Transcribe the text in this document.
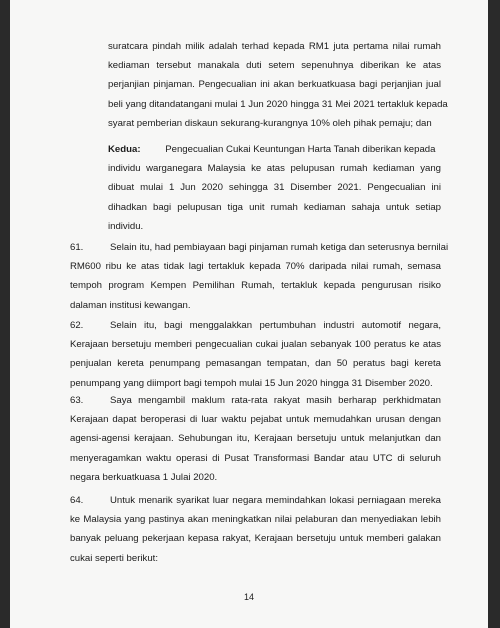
suratcara pindah milik adalah terhad kepada RM1 juta pertama nilai rumah
kediaman tersebut manakala duti setem sepenuhnya diberikan ke atas
perjanjian pinjaman. Pengecualian ini akan berkuatkuasa bagi perjanjian jual
beli yang ditandatangani mulai 1 Jun 2020 hingga 31 Mei 2021 tertakluk kepada
syarat pemberian diskaun sekurang-kurangnya 10% oleh pihak pemaju; dan
Kedua:	Pengecualian Cukai Keuntungan Harta Tanah diberikan kepada
individu warganegara Malaysia ke atas pelupusan rumah kediaman yang
dibuat mulai 1 Jun 2020 sehingga 31 Disember 2021. Pengecualian ini
dihadkan bagi pelupusan tiga unit rumah kediaman sahaja untuk setiap
individu.
61.	Selain itu, had pembiayaan bagi pinjaman rumah ketiga dan seterusnya bernilai
RM600 ribu ke atas tidak lagi tertakluk kepada 70% daripada nilai rumah, semasa
tempoh program Kempen Pemilihan Rumah, tertakluk kepada pengurusan risiko
dalaman institusi kewangan.
62.	Selain itu, bagi menggalakkan pertumbuhan industri automotif negara,
Kerajaan bersetuju memberi pengecualian cukai jualan sebanyak 100 peratus ke atas
penjualan kereta penumpang pemasangan tempatan, dan 50 peratus bagi kereta
penumpang yang diimport bagi tempoh mulai 15 Jun 2020 hingga 31 Disember 2020.
63.	Saya mengambil maklum rata-rata rakyat masih berharap perkhidmatan
Kerajaan dapat beroperasi di luar waktu pejabat untuk memudahkan urusan dengan
agensi-agensi kerajaan. Sehubungan itu, Kerajaan bersetuju untuk melanjutkan dan
menyeragamkan waktu operasi di Pusat Transformasi Bandar atau UTC di seluruh
negara berkuatkuasa 1 Julai 2020.
64.	Untuk menarik syarikat luar negara memindahkan lokasi perniagaan mereka
ke Malaysia yang pastinya akan meningkatkan nilai pelaburan dan menyediakan lebih
banyak peluang pekerjaan kepasa rakyat, Kerajaan bersetuju untuk memberi galakan
cukai seperti berikut:
14
